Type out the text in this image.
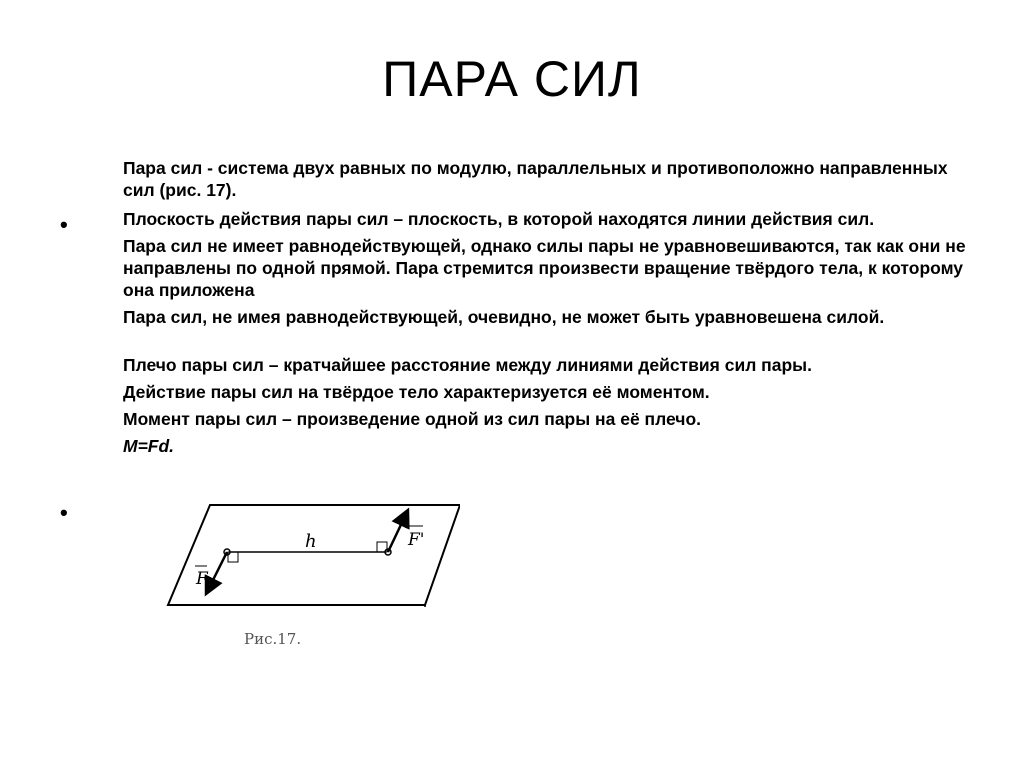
ПАРА СИЛ
•
•

Пара сил - система двух равных по модулю, параллельных и противоположно направленных сил (рис. 17).

Плоскость действия пары сил – плоскость, в которой находятся линии действия сил.

Пара сил не имеет равнодействующей, однако силы пары не уравновешиваются, так как они не направлены по одной прямой. Пара стремится произвести вращение твёрдого тела, к которому она приложена

Пара сил, не имея равнодействующей, очевидно, не может быть уравновешена силой.

Плечо пары сил – кратчайшее расстояние между линиями действия сил пары.

Действие пары сил на твёрдое тело характеризуется её моментом.

Момент пары сил – произведение одной из сил пары на её плечо.

M=Fd.

h
F
F'
Рис.17.
